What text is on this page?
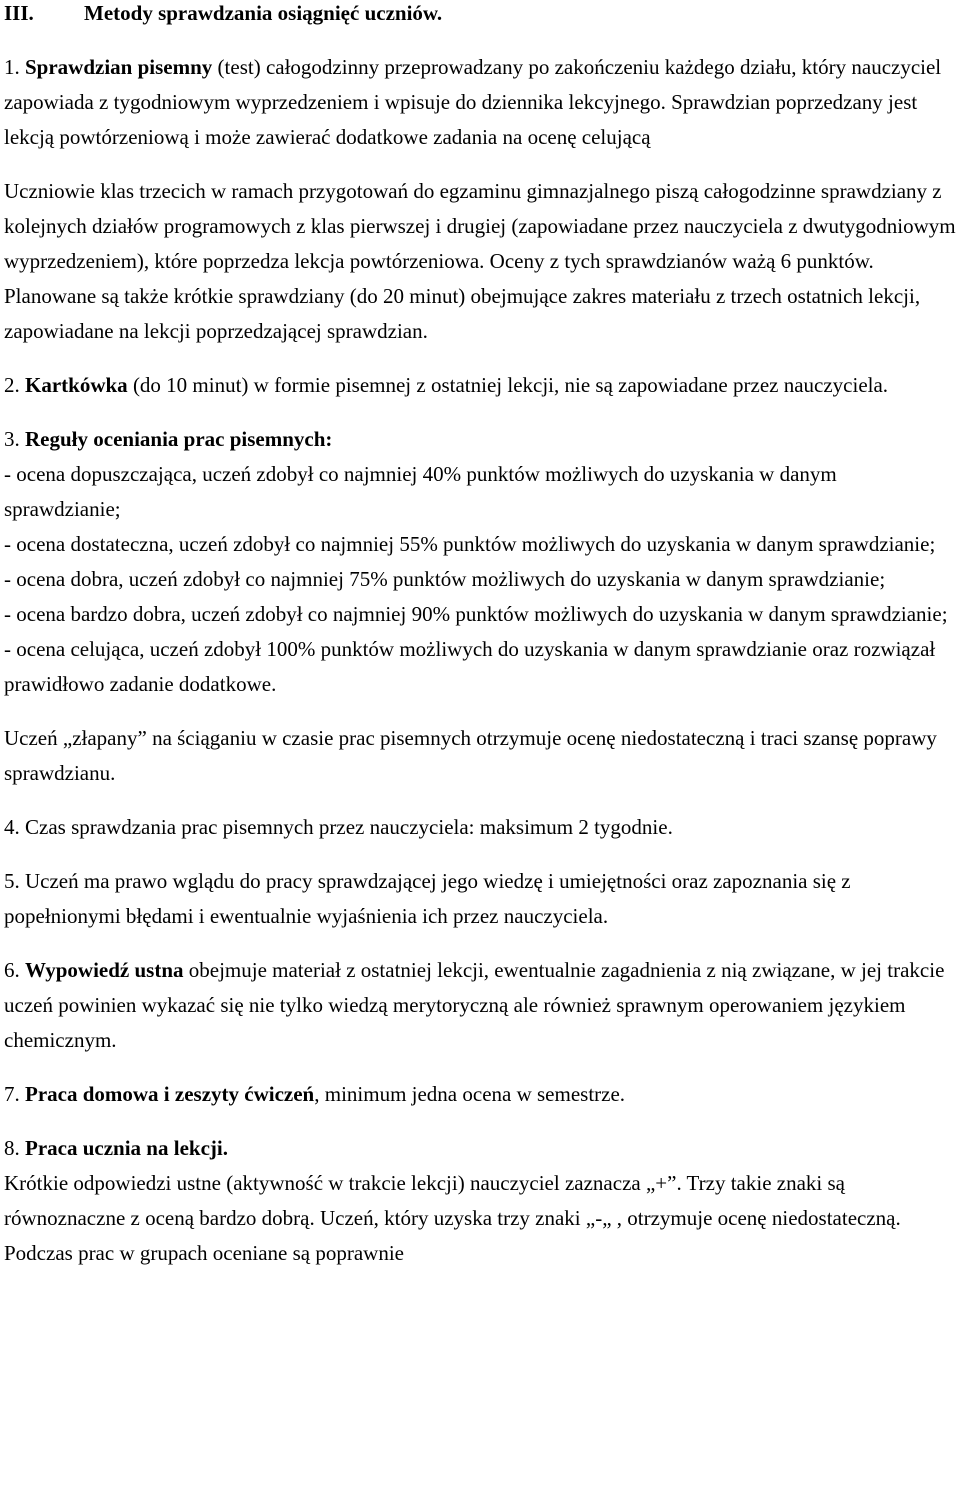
III. Metody sprawdzania osiągnięć uczniów.

1. Sprawdzian pisemny (test) całogodzinny przeprowadzany po zakończeniu każdego działu, który nauczyciel zapowiada z tygodniowym wyprzedzeniem i wpisuje do dziennika lekcyjnego. Sprawdzian poprzedzany jest lekcją powtórzeniową i może zawierać dodatkowe zadania na ocenę celującą

Uczniowie klas trzecich w ramach przygotowań do egzaminu gimnazjalnego piszą całogodzinne sprawdziany z kolejnych działów programowych z klas pierwszej i drugiej (zapowiadane przez nauczyciela z dwutygodniowym wyprzedzeniem), które poprzedza lekcja powtórzeniowa. Oceny z tych sprawdzianów ważą 6 punktów.

Planowane są także krótkie sprawdziany (do 20 minut) obejmujące zakres materiału z trzech ostatnich lekcji, zapowiadane na lekcji poprzedzającej sprawdzian.

2. Kartkówka (do 10 minut) w formie pisemnej z ostatniej lekcji, nie są zapowiadane przez nauczyciela.

3. Reguły oceniania prac pisemnych:

- ocena dopuszczająca, uczeń zdobył co najmniej 40% punktów możliwych do uzyskania w danym sprawdzianie;

- ocena dostateczna, uczeń zdobył co najmniej 55% punktów możliwych do uzyskania w danym sprawdzianie;

- ocena dobra, uczeń zdobył co najmniej 75% punktów możliwych do uzyskania w danym sprawdzianie;

- ocena bardzo dobra, uczeń zdobył co najmniej 90% punktów możliwych do uzyskania w danym sprawdzianie;

- ocena celująca, uczeń zdobył 100% punktów możliwych do uzyskania w danym sprawdzianie oraz rozwiązał prawidłowo zadanie dodatkowe.

Uczeń „złapany” na ściąganiu w czasie prac pisemnych otrzymuje ocenę niedostateczną i traci szansę poprawy sprawdzianu.

4. Czas sprawdzania prac pisemnych przez nauczyciela: maksimum 2 tygodnie.

5. Uczeń ma prawo wglądu do pracy sprawdzającej jego wiedzę i umiejętności oraz zapoznania się z popełnionymi błędami i ewentualnie wyjaśnienia ich przez nauczyciela.

6. Wypowiedź ustna obejmuje materiał z ostatniej lekcji, ewentualnie zagadnienia z nią związane, w jej trakcie uczeń powinien wykazać się nie tylko wiedzą merytoryczną ale również sprawnym operowaniem językiem chemicznym.

7. Praca domowa i zeszyty ćwiczeń, minimum jedna ocena w semestrze.

8. Praca ucznia na lekcji.

Krótkie odpowiedzi ustne (aktywność w trakcie lekcji) nauczyciel zaznacza „+”. Trzy takie znaki są równoznaczne z oceną bardzo dobrą. Uczeń, który uzyska trzy znaki „-„ , otrzymuje ocenę niedostateczną. Podczas prac w grupach oceniane są poprawnie
